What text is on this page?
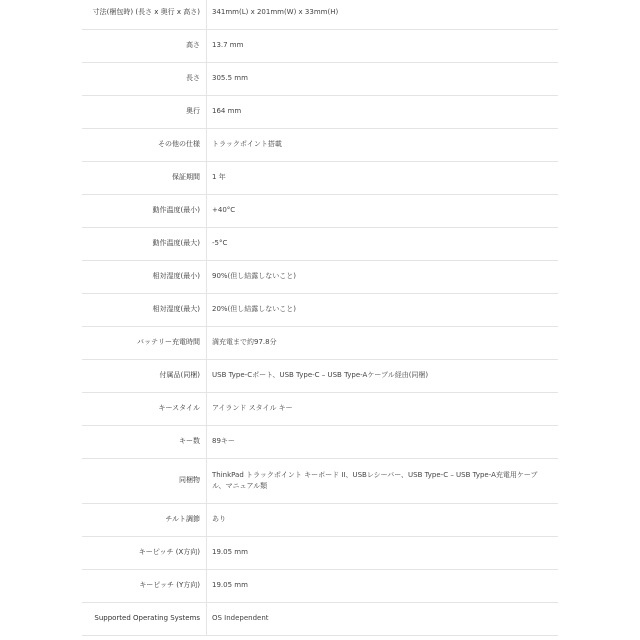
寸法(梱包時) (長さ x 奥行 x 高さ)	341mm(L) x 201mm(W) x 33mm(H)
高さ	13.7 mm
長さ	305.5 mm
奥行	164 mm
その他の仕様	トラックポイント搭載
保証期間	1 年
動作温度(最小)	+40°C
動作温度(最大)	-5°C
相対湿度(最小)	90%(但し結露しないこと)
相対湿度(最大)	20%(但し結露しないこと)
バッテリー充電時間	満充電まで約97.8分
付属品(同梱)	USB Type-Cポート、USB Type-C – USB Type-Aケーブル経由(同梱)
キースタイル	アイランド スタイル キー
キー数	89キー
同梱物	ThinkPad トラックポイント キーボード II、USBレシーバー、USB Type-C – USB Type-A充電用ケーブル、マニュアル類
チルト調節	あり
キーピッチ (X方向)	19.05 mm
キーピッチ (Y方向)	19.05 mm
Supported Operating Systems	OS Independent
